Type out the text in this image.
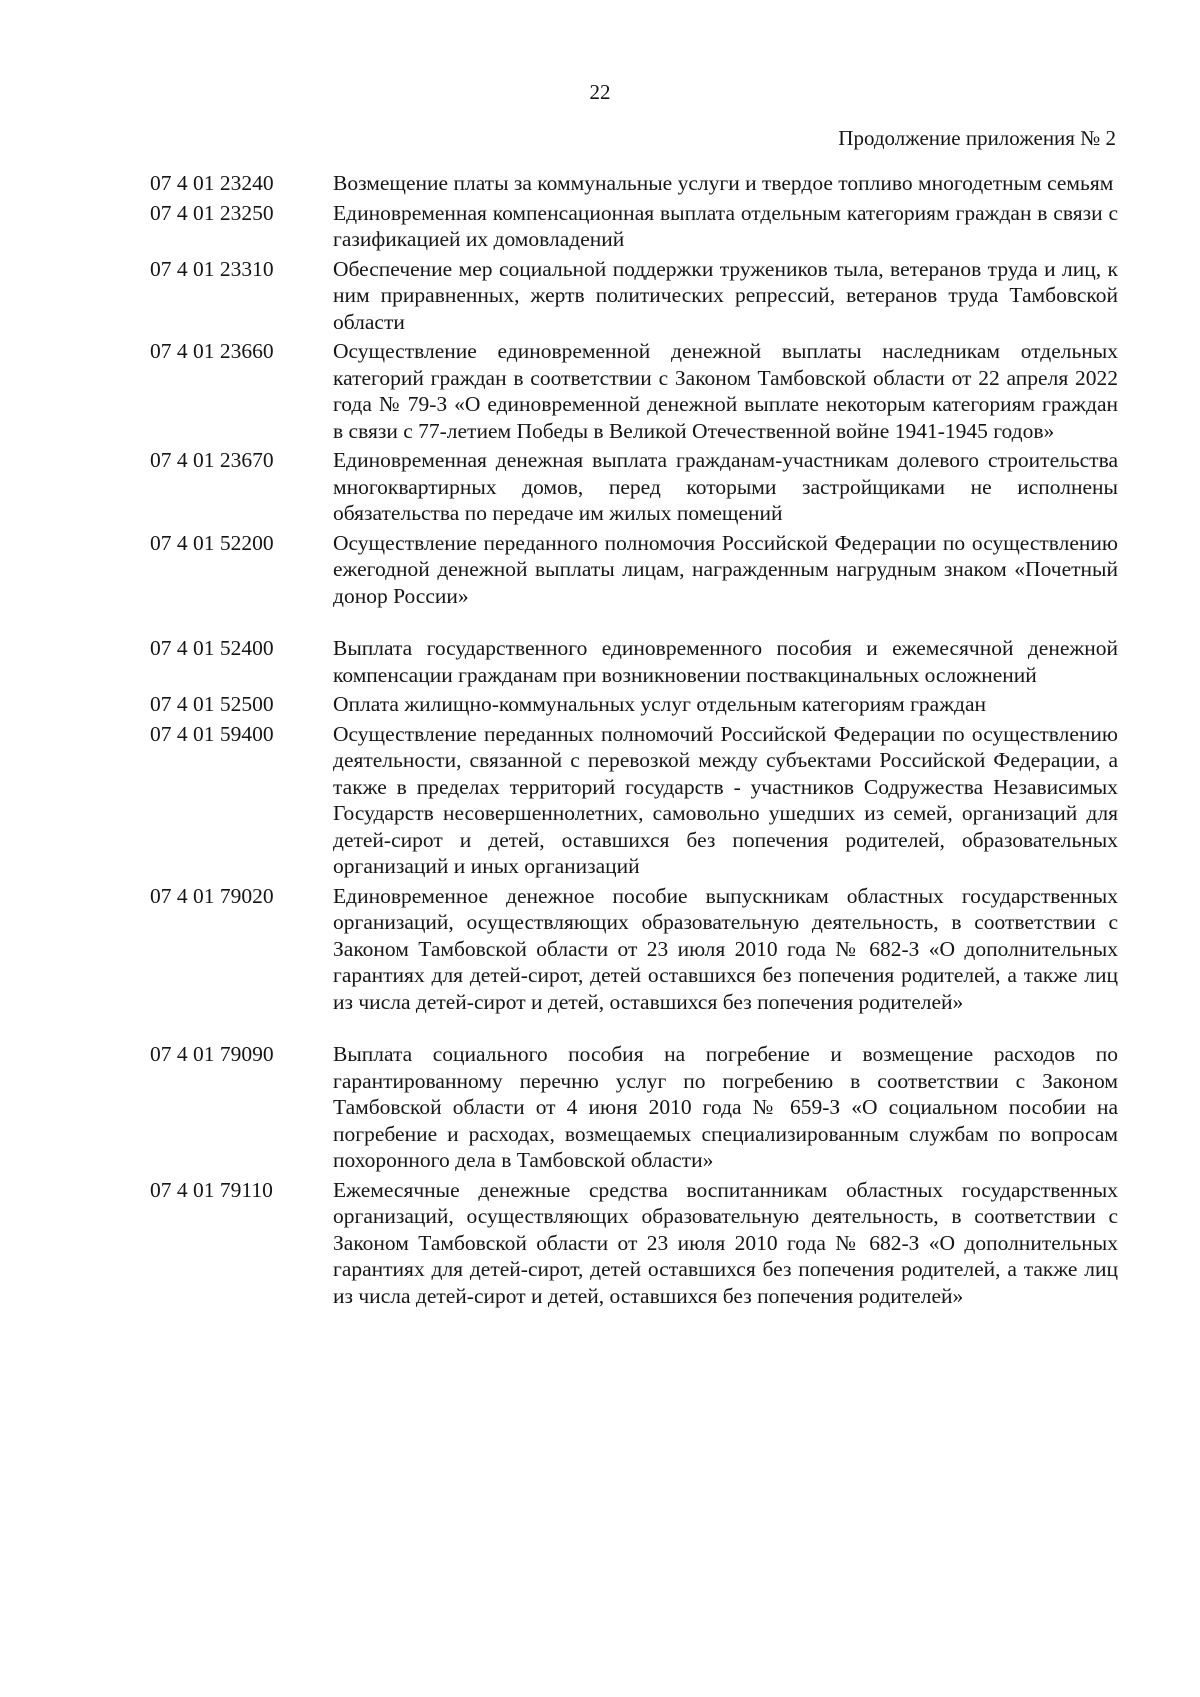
22
Продолжение приложения № 2
07 4 01 23240	Возмещение платы за коммунальные услуги и твердое топливо многодетным семьям
07 4 01 23250	Единовременная компенсационная выплата отдельным категориям граждан в связи с газификацией их домовладений
07 4 01 23310	Обеспечение мер социальной поддержки тружеников тыла, ветеранов труда и лиц, к ним приравненных, жертв политических репрессий, ветеранов труда Тамбовской области
07 4 01 23660	Осуществление единовременной денежной выплаты наследникам отдельных категорий граждан в соответствии с Законом Тамбовской области от 22 апреля 2022 года № 79-З «О единовременной денежной выплате некоторым категориям граждан в связи с 77-летием Победы в Великой Отечественной войне 1941-1945 годов»
07 4 01 23670	Единовременная денежная выплата гражданам-участникам долевого строительства многоквартирных домов, перед которыми застройщиками не исполнены обязательства по передаче им жилых помещений
07 4 01 52200	Осуществление переданного полномочия Российской Федерации по осуществлению ежегодной денежной выплаты лицам, награжденным нагрудным знаком «Почетный донор России»
07 4 01 52400	Выплата государственного единовременного пособия и ежемесячной денежной компенсации гражданам при возникновении поствакцинальных осложнений
07 4 01 52500	Оплата жилищно-коммунальных услуг отдельным категориям граждан
07 4 01 59400	Осуществление переданных полномочий Российской Федерации по осуществлению деятельности, связанной с перевозкой между субъектами Российской Федерации, а также в пределах территорий государств - участников Содружества Независимых Государств несовершеннолетних, самовольно ушедших из семей, организаций для детей-сирот и детей, оставшихся без попечения родителей, образовательных организаций и иных организаций
07 4 01 79020	Единовременное денежное пособие выпускникам областных государственных организаций, осуществляющих образовательную деятельность, в соответствии с Законом Тамбовской области от 23 июля 2010 года № 682-З «О дополнительных гарантиях для детей-сирот, детей оставшихся без попечения родителей, а также лиц из числа детей-сирот и детей, оставшихся без попечения родителей»
07 4 01 79090	Выплата социального пособия на погребение и возмещение расходов по гарантированному перечню услуг по погребению в соответствии с Законом Тамбовской области от 4 июня 2010 года № 659-З «О социальном пособии на погребение и расходах, возмещаемых специализированным службам по вопросам похоронного дела в Тамбовской области»
07 4 01 79110	Ежемесячные денежные средства воспитанникам областных государственных организаций, осуществляющих образовательную деятельность, в соответствии с Законом Тамбовской области от 23 июля 2010 года № 682-З «О дополнительных гарантиях для детей-сирот, детей оставшихся без попечения родителей, а также лиц из числа детей-сирот и детей, оставшихся без попечения родителей»
